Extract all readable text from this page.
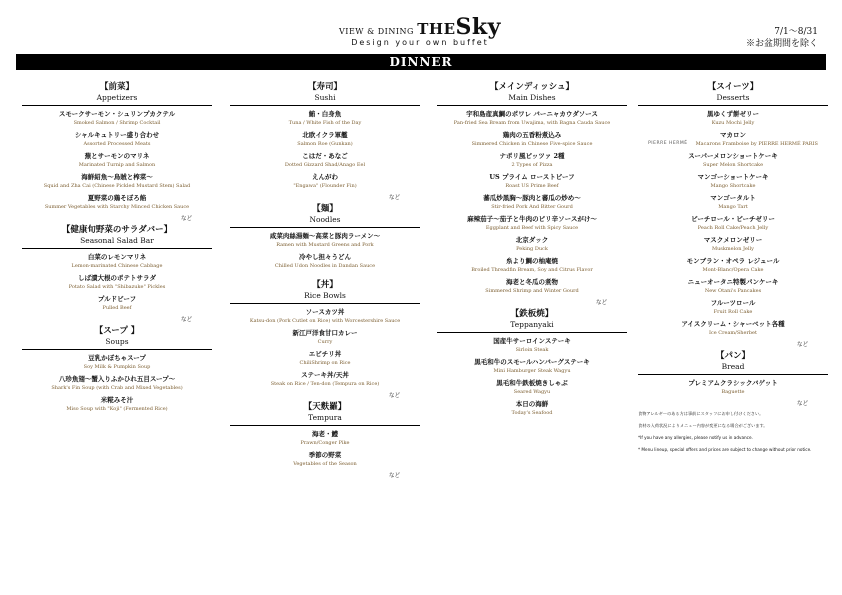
VIEW & DINING THESky
Design your own buffet
7/1～8/31
※お盆期間を除く
DINNER
【前菜】
Appetizers
スモークサーモン・シュリンプカクテル
Smoked Salmon / Shrimp Cocktail
シャルキュトリー盛り合わせ
Assorted Processed Meats
蕪とサーモンのマリネ
Marinated Turnip and Salmon
海鮮紹魚～烏賊と榨菜～
Squid and Zha Cai (Chinese Pickled Mustard Stem) Salad
夏野菜の鶏そぼろ餡
Summer Vegetables with Starchy Minced Chicken Sauce
など
【健康旬野菜のサラダバー】
Seasonal Salad Bar
白菜のレモンマリネ
Lemon-marinated Chinese Cabbage
しば漬大根のポテトサラダ
Potato Salad with "Shibazuke" Pickles
プルドビーフ
Pulled Beef
など
【スープ 】
Soups
豆乳かぼちゃスープ
Soy Milk & Pumpkin Soup
八珍魚翅～蟹入りふかひれ五目スープ～
Shark's Fin Soup (with Crab and Mixed Vegetables)
米糀みそ汁
Miso Soup with "Koji" (Fermented Rice)
【寿司】
Sushi
鮪・白身魚
Tuna / White Fish of the Day
北欧イクラ軍艦
Salmon Roe (Gunkan)
こはだ・あなご
Dotted Gizzard Shad/Anago Eel
えんがわ
"Engawa" (Flounder Fin)
など
【麺】
Noodles
咸菜肉絲湯麺～高菜と豚肉ラーメン～
Ramen with Mustard Greens and Pork
冷やし担々うどん
Chilled Udon Noodles in Dandan Sauce
【丼】
Rice Bowls
ソースカツ丼
Katsu-don (Pork Cutlet on Rice) with Worcestershire Sauce
新江戸洋食甘口カレー
Curry
エビチリ丼
ChiliShrimp on Rice
ステーキ丼/天丼
Steak on Rice / Ten-don (Tempura on Rice)
など
【天麩羅】
Tempura
海老・鱧
Prawn/Conger Pike
季節の野菜
Vegetables of the Season
など
【メインディッシュ】
Main Dishes
宇和島産真鯛のポワレ バーニャカウダソース
Pan-fried Sea Bream from Uwajima, with Bagna Cauda Sauce
鶏肉の五香粉煮込み
Simmered Chicken in Chinese Five-spice Sauce
ナポリ風ピッツァ 2種
2 Types of Pizza
US プライム ローストビーフ
Roast US Prime Beef
蕃瓜炒黑胸～豚肉と蕃瓜の炒め～
Stir-fried Pork And Bitter Gourd
麻辣茄子～茄子と牛肉のピリ辛ソースがけ～
Eggplant and Beef with Spicy Sauce
北京ダック
Peking Duck
糸より鯛の柚庵焼
Broiled Threadfin Bream, Soy and Citrus Flavor
海老と冬瓜の煮物
Simmered Shrimp and Winter Gourd
など
【鉄板焼】
Teppanyaki
国産牛サーロインステーキ
Sirloin Steak
黒毛和牛のスモールハンバーグステーキ
Mini Hamburger Steak Wagyu
黒毛和牛鉄板焼きしゃぶ
Seared Wagyu
本日の海鮮
Today's Seafood
【スイーツ】
Desserts
黒ゆくず餅ゼリー
Kuzu Mochi Jelly
マカロン
PIERRE HERMÉ Macarons Framboise by PIERRE HERMÉ PARIS
スーパーメロンショートケーキ
Super Melon Shortcake
マンゴーショートケーキ
Mango Shortcake
マンゴータルト
Mango Tart
ピーチロール・ピーチゼリー
Peach Roll Cake/Peach Jelly
マスクメロンゼリー
Muskmelon Jelly
モンブラン・オペラ レジュール
Mont-Blanc/Opera Cake
ニューオータニ特製パンケーキ
New Otani's Pancakes
フルーツロール
Fruit Roll Cake
アイスクリーム・シャーベット各種
Ice Cream/Sherbet
など
【パン】
Bread
プレミアムクラシックバゲット
Baguette
など
食物アレルギーのある方は事前にスタッフにお申し付けください。
食材の入荷状況によりメニュー内容が変更になる場合がございます。
*If you have any allergies, please notify us in advance.
* Menu lineup, special offers and prices are subject to change without prior notice.
